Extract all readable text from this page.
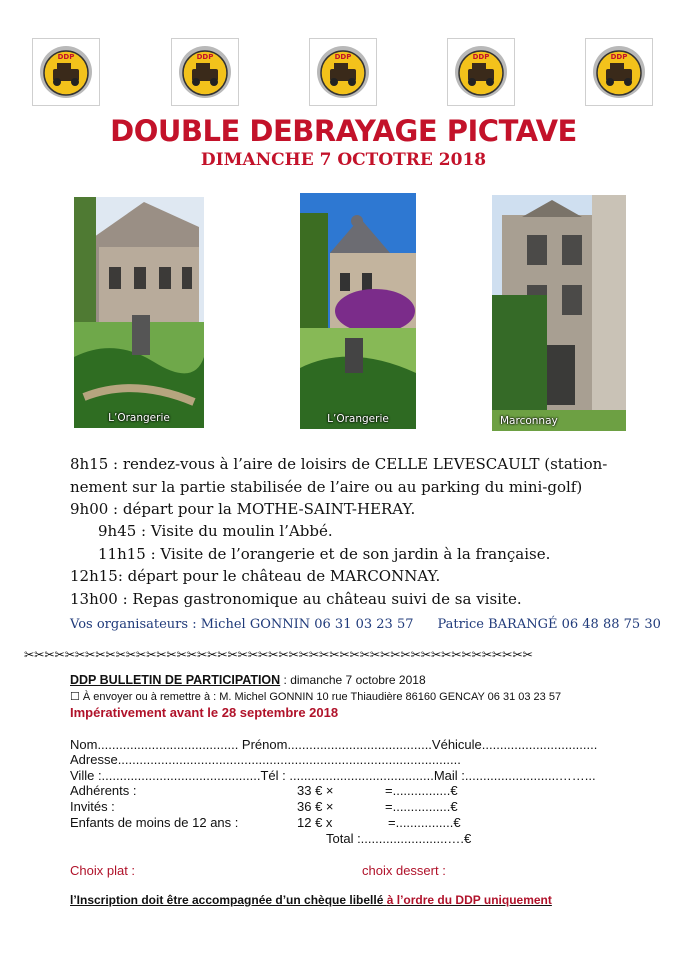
DDP	DDP	DDP	DDP	DDP
DOUBLE DEBRAYAGE PICTAVE
DIMANCHE 7 OCTOTRE 2018
L’Orangerie	L’Orangerie	Marconnay
8h15 : rendez-vous à l’aire de loisirs de CELLE LEVESCAULT (station-
nement sur la partie stabilisée de l’aire ou au parking du mini-golf)
9h00 : départ pour la MOTHE-SAINT-HERAY.
9h45 : Visite du moulin l’Abbé.
11h15 : Visite de l’orangerie et de son jardin à la française.
12h15: départ pour le château de MARCONNAY.
13h00 : Repas gastronomique au château suivi de sa visite.
Vos organisateurs : Michel GONNIN 06 31 03 23 57 Patrice BARANGÉ 06 48 88 75 30
✂✂✂✂✂✂✂✂✂✂✂✂✂✂✂✂✂✂✂✂✂✂✂✂✂✂✂✂✂✂✂✂✂✂✂✂✂✂✂✂✂✂✂✂✂✂✂✂✂✂
DDP BULLETIN DE PARTICIPATION : dimanche 7 octobre 2018
☐ À envoyer ou à remettre à : M. Michel GONNIN 10 rue Thiaudière 86160 GENCAY 06 31 03 23 57
Impérativement avant le 28 septembre 2018
Nom....................................... Prénom........................................Véhicule................................
Adresse...............................................................................................
Ville :............................................Tél : ........................................Mail :..........................……...
Adhérents :	33 € ×	=................€
Invités :	36 € ×	=................€
Enfants de moins de 12 ans :	12 € x	=................€
Total :........................….€
Choix plat :	choix dessert :
l’Inscription doit être accompagnée d’un chèque libellé à l’ordre du DDP uniquement
